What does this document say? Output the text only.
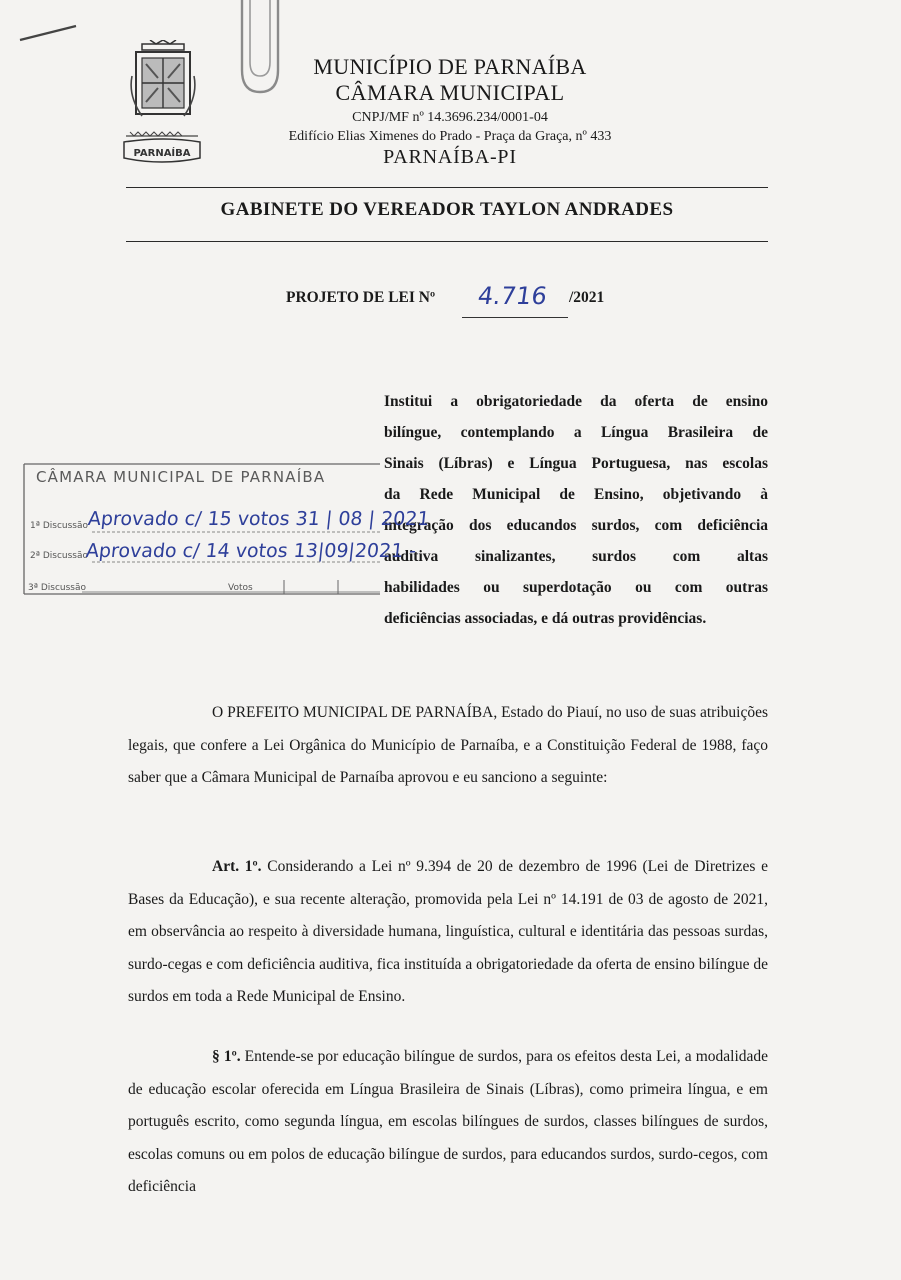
PARNAÍBA
MUNICÍPIO DE PARNAÍBA
CÂMARA MUNICIPAL
CNPJ/MF nº 14.3696.234/0001-04
Edifício Elias Ximenes do Prado - Praça da Graça, nº 433
PARNAÍBA-PI
GABINETE DO VEREADOR TAYLON ANDRADES
PROJETO DE LEI Nº 4.716 /2021

Institui a obrigatoriedade da oferta de ensino

bilíngue, contemplando a Língua Brasileira de

Sinais (Líbras) e Língua Portuguesa, nas escolas

da Rede Municipal de Ensino, objetivando à

integração dos educandos surdos, com deficiência

auditiva sinalizantes, surdos com altas

habilidades ou superdotação ou com outras

deficiências associadas, e dá outras providências.

CÂMARA MUNICIPAL DE PARNAÍBA
1ª Discussão
2ª Discussão
3ª Discussão	Votos
Aprovado c/ 15 votos 31 | 08 | 2021
Aprovado c/ 14 votos 13|09|2021 -

O PREFEITO MUNICIPAL DE PARNAÍBA, Estado do Piauí, no uso de suas atribuições legais, que confere a Lei Orgânica do Município de Parnaíba, e a Constituição Federal de 1988, faço saber que a Câmara Municipal de Parnaíba aprovou e eu sanciono a seguinte:

Art. 1º. Considerando a Lei nº 9.394 de 20 de dezembro de 1996 (Lei de Diretrizes e Bases da Educação), e sua recente alteração, promovida pela Lei nº 14.191 de 03 de agosto de 2021, em observância ao respeito à diversidade humana, linguística, cultural e identitária das pessoas surdas, surdo-cegas e com deficiência auditiva, fica instituída a obrigatoriedade da oferta de ensino bilíngue de surdos em toda a Rede Municipal de Ensino.

§ 1º. Entende-se por educação bilíngue de surdos, para os efeitos desta Lei, a modalidade de educação escolar oferecida em Língua Brasileira de Sinais (Líbras), como primeira língua, e em português escrito, como segunda língua, em escolas bilíngues de surdos, classes bilíngues de surdos, escolas comuns ou em polos de educação bilíngue de surdos, para educandos surdos, surdo-cegos, com deficiência
